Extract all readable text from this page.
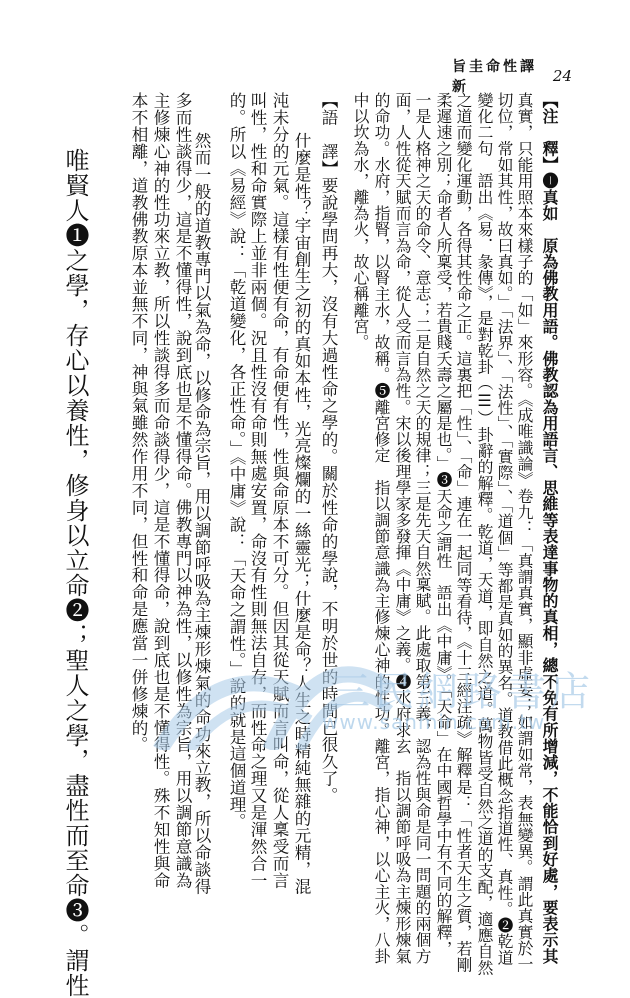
旨圭命性譯新
24
【注　釋】❶真如　原為佛教用語。佛教認為用語言、思維等表達事物的真相，總不免有所增減，不能恰到好處，要表示其
真實，只能用照本來樣子的「如」來形容。《成唯識論》卷九：「真謂真實，顯非虛妄；如謂如常，表無變異。謂此真實於一
切位，常如其性，故曰真如。」「法界」、「法性」、「實際」、「道個」等都是真如的異名。道教借此概念指道性、真性。❷乾道
變化二句　語出《易．彖傳》，是對乾卦（☰）卦辭的解釋。乾道，天道，即自然之道。萬物皆受自然之道的支配，適應自然
之道而變化運動，各得其性命之正。這裏把「性」、「命」連在一起同等看待，《十三經注疏》解釋是：「性者天生之質，若剛
柔遲速之別；命者人所稟受，若貴賤夭壽之屬是也。」❸天命之謂性　語出《中庸》。「天命」在中國哲學中有不同的解釋，
一是人格神之天的命令、意志；二是自然之天的規律；三是先天自然稟賦。此處取第三義，認為性與命是同一問題的兩個方
面，人性從天賦而言為命，從人受而言為性。宋以後理學家多發揮《中庸》之義。❹水府求玄　指以調節呼吸為主煉形煉氣
的命功。水府，指腎，以腎主水，故稱。❺離宮修定　指以調節意識為主修煉心神的性功。離宮，指心神，以心主火，八卦
中以坎為水，離為火，故心稱離宮。
【語　譯】要說學問再大，沒有大過性命之學的。關於性命的學說，不明於世的時間已很久了。
什麼是性？宇宙創生之初的真如本性，光亮燦爛的一絲靈光；什麼是命？人生之時精純無雜的元精，混
沌未分的元氣。這樣有性便有命，有命便有性，性與命原本不可分。但因其從天賦而言叫命，從人稟受而言
叫性，性和命實際上並非兩個。況且性沒有命則無處安置，命沒有性則無法自存，而性命之理又是渾然合一
的。所以《易經》說：「乾道變化，各正性命。」《中庸》說：「天命之謂性。」說的就是這個道理。
然而一般的道教專門以氣為命，以修命為宗旨，用以調節呼吸為主煉形煉氣的命功來立教，所以命談得
多而性談得少，這是不懂得性，說到底也是不懂得命。佛教專門以神為性，以修性為宗旨，用以調節意識為
主修煉心神的性功來立教，所以性談得多而命談得少，這是不懂得命，說到底也是不懂得性。殊不知性與命
本不相離，道教佛教原本並無不同，神與氣雖然作用不同，但性和命是應當一併修煉的。
唯賢人❶之學，存心以養性，修身以立命❷；聖人之學，盡性而至命❸。謂性	三民網路書店
www.sanmin.com.tw
